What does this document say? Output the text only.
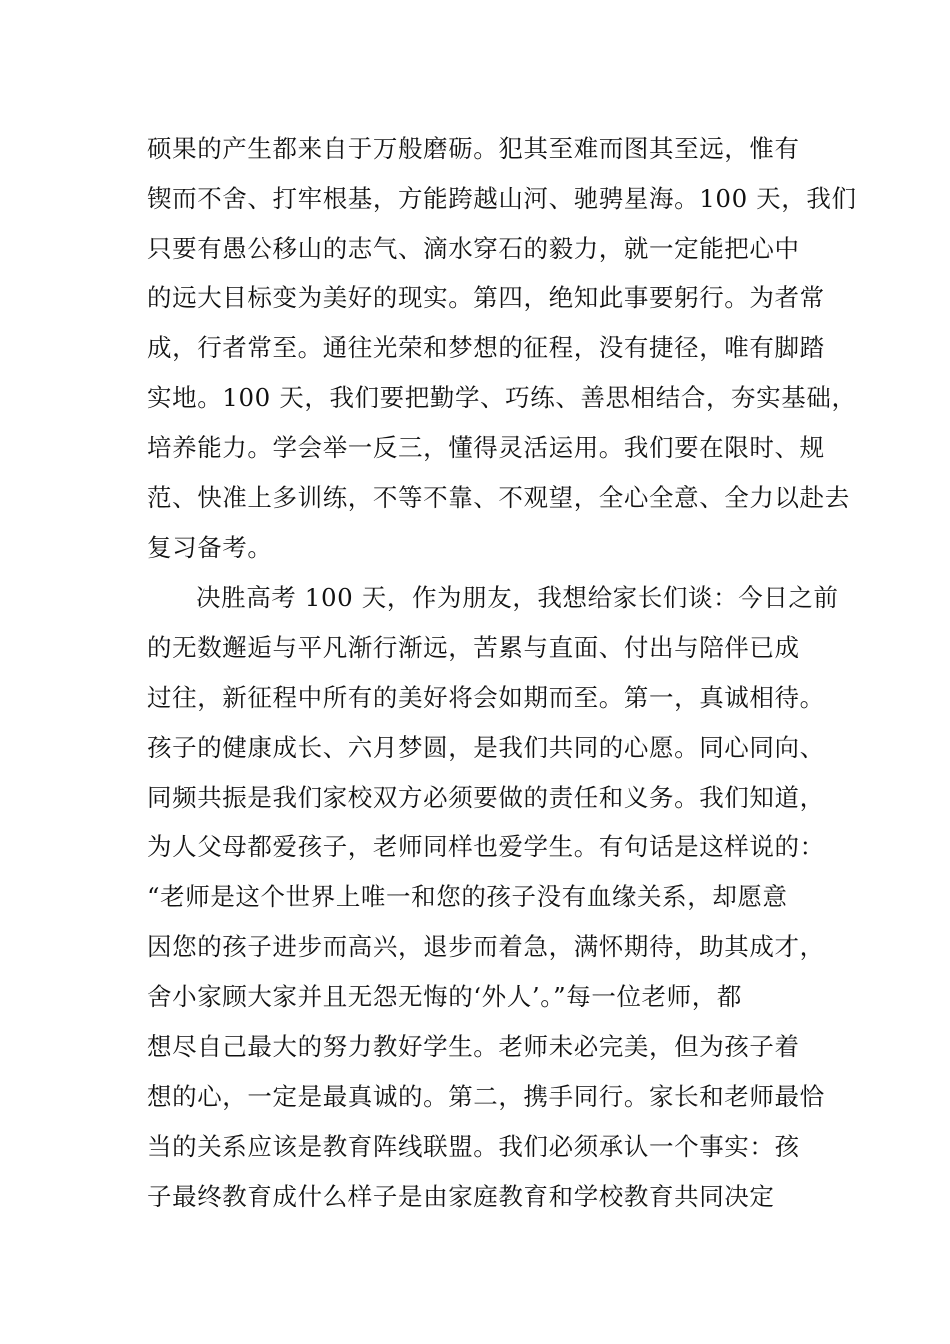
硕果的产生都来自于万般磨砺。犯其至难而图其至远，惟有
锲而不舍、打牢根基，方能跨越山河、驰骋星海。100 天，我们
只要有愚公移山的志气、滴水穿石的毅力，就一定能把心中
的远大目标变为美好的现实。第四，绝知此事要躬行。为者常
成，行者常至。通往光荣和梦想的征程，没有捷径，唯有脚踏
实地。100 天，我们要把勤学、巧练、善思相结合，夯实基础，
培养能力。学会举一反三，懂得灵活运用。我们要在限时、规
范、快准上多训练，不等不靠、不观望，全心全意、全力以赴去
复习备考。
决胜高考 100 天，作为朋友，我想给家长们谈：今日之前
的无数邂逅与平凡渐行渐远，苦累与直面、付出与陪伴已成
过往，新征程中所有的美好将会如期而至。第一，真诚相待。
孩子的健康成长、六月梦圆，是我们共同的心愿。同心同向、
同频共振是我们家校双方必须要做的责任和义务。我们知道，
为人父母都爱孩子，老师同样也爱学生。有句话是这样说的：
“老师是这个世界上唯一和您的孩子没有血缘关系，却愿意
因您的孩子进步而高兴，退步而着急，满怀期待，助其成才，
舍小家顾大家并且无怨无悔的‘外人’。”每一位老师，都
想尽自己最大的努力教好学生。老师未必完美，但为孩子着
想的心，一定是最真诚的。第二，携手同行。家长和老师最恰
当的关系应该是教育阵线联盟。我们必须承认一个事实：孩
子最终教育成什么样子是由家庭教育和学校教育共同决定
